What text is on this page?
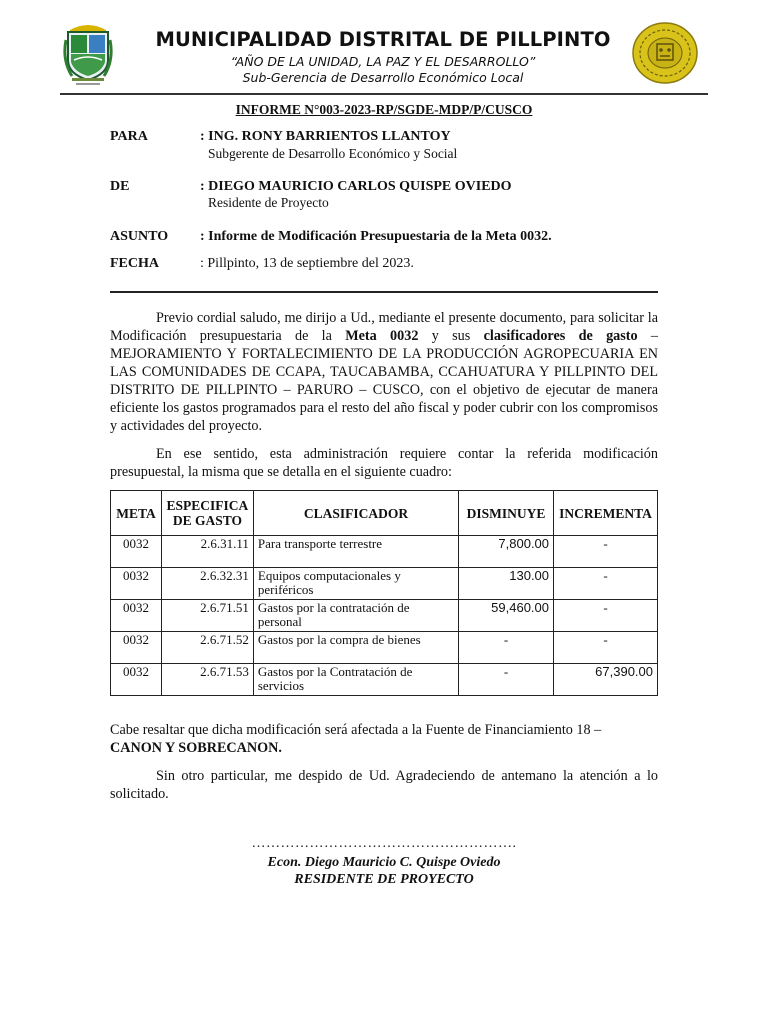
MUNICIPALIDAD DISTRITAL DE PILLPINTO
“AÑO DE LA UNIDAD, LA PAZ Y EL DESARROLLO”
Sub-Gerencia de Desarrollo Económico Local
INFORME N°003-2023-RP/SGDE-MDP/P/CUSCO
PARA	: ING. RONY BARRIENTOS LLANTOY
Subgerente de Desarrollo Económico y Social
DE	: DIEGO MAURICIO CARLOS QUISPE OVIEDO
Residente de Proyecto
ASUNTO : Informe de Modificación Presupuestaria de la Meta 0032.
FECHA	: Pillpinto, 13 de septiembre del 2023.
Previo cordial saludo, me dirijo a Ud., mediante el presente documento, para solicitar la Modificación presupuestaria de la Meta 0032 y sus clasificadores de gasto – MEJORAMIENTO Y FORTALECIMIENTO DE LA PRODUCCIÓN AGROPECUARIA EN LAS COMUNIDADES DE CCAPA, TAUCABAMBA, CCAHUATURA Y PILLPINTO DEL DISTRITO DE PILLPINTO – PARURO – CUSCO, con el objetivo de ejecutar de manera eficiente los gastos programados para el resto del año fiscal y poder cubrir con los compromisos y actividades del proyecto.
En ese sentido, esta administración requiere contar la referida modificación presupuestal, la misma que se detalla en el siguiente cuadro:
META	ESPECIFICA DE GASTO	CLASIFICADOR	DISMINUYE	INCREMENTA
0032	2.6.31.11	Para transporte terrestre	7,800.00	-
0032	2.6.32.31	Equipos computacionales y periféricos	130.00	-
0032	2.6.71.51	Gastos por la contratación de personal	59,460.00	-
0032	2.6.71.52	Gastos por la compra de bienes	-	-
0032	2.6.71.53	Gastos por la Contratación de servicios	-	67,390.00
Cabe resaltar que dicha modificación será afectada a la Fuente de Financiamiento 18 –
CANON Y SOBRECANON.
Sin otro particular, me despido de Ud. Agradeciendo de antemano la atención a lo solicitado.
……………………………………………….
Econ. Diego Mauricio C. Quispe Oviedo
RESIDENTE DE PROYECTO
